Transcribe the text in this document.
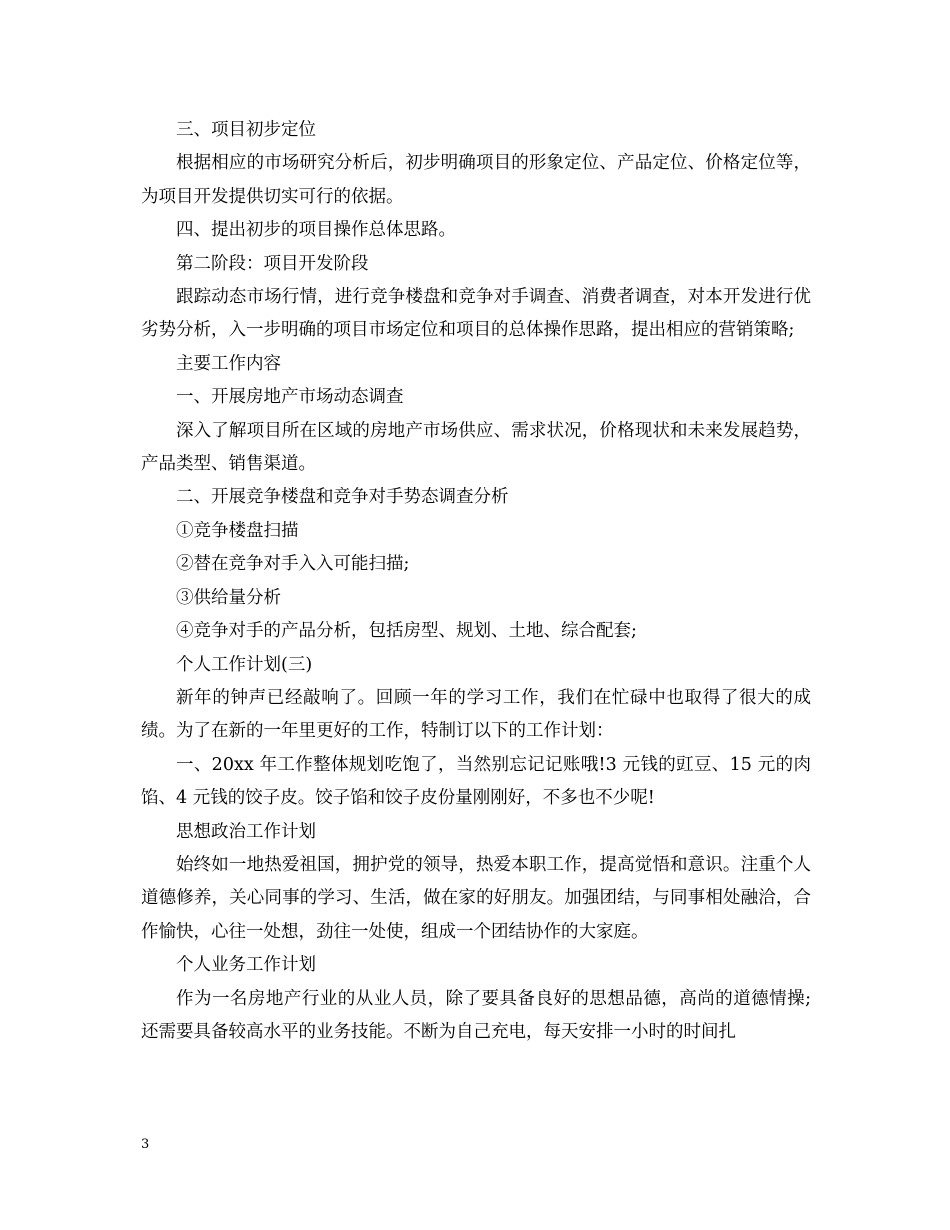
三、项目初步定位

根据相应的市场研究分析后，初步明确项目的形象定位、产品定位、价格定位等，为项目开发提供切实可行的依据。

四、提出初步的项目操作总体思路。

第二阶段：项目开发阶段

跟踪动态市场行情，进行竞争楼盘和竞争对手调查、消费者调查，对本开发进行优劣势分析，入一步明确的项目市场定位和项目的总体操作思路，提出相应的营销策略;

主要工作内容

一、开展房地产市场动态调查

深入了解项目所在区域的房地产市场供应、需求状况，价格现状和未来发展趋势，产品类型、销售渠道。

二、开展竞争楼盘和竞争对手势态调查分析

①竞争楼盘扫描

②替在竞争对手入入可能扫描;

③供给量分析

④竞争对手的产品分析，包括房型、规划、土地、综合配套;

个人工作计划(三)

新年的钟声已经敲响了。回顾一年的学习工作，我们在忙碌中也取得了很大的成绩。为了在新的一年里更好的工作，特制订以下的工作计划：

一、20xx 年工作整体规划吃饱了，当然别忘记记账哦!3 元钱的豇豆、15 元的肉馅、4 元钱的饺子皮。饺子馅和饺子皮份量刚刚好，不多也不少呢!

思想政治工作计划

始终如一地热爱祖国，拥护党的领导，热爱本职工作，提高觉悟和意识。注重个人道德修养，关心同事的学习、生活，做在家的好朋友。加强团结，与同事相处融洽，合作愉快，心往一处想，劲往一处使，组成一个团结协作的大家庭。

个人业务工作计划

作为一名房地产行业的从业人员，除了要具备良好的思想品德，高尚的道德情操;还需要具备较高水平的业务技能。不断为自己充电，每天安排一小时的时间扎

3
